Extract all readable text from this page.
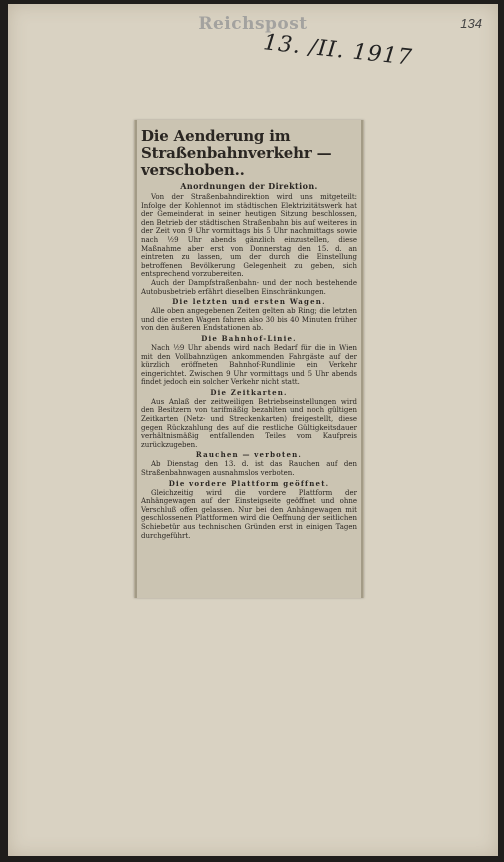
Reichspost	134
13. /II. 1917
Die Aenderung im Straßenbahnverkehr — verschoben..
Anordnungen der Direktion.

Von der Straßenbahndirektion wird uns mitgeteilt: Infolge der Kohlennot im städtischen Elektrizitätswerk hat der Gemeinderat in seiner heutigen Sitzung beschlossen, den Betrieb der städtischen Straßenbahn bis auf weiteres in der Zeit von 9 Uhr vormittags bis 5 Uhr nachmittags sowie nach ½9 Uhr abends gänzlich einzustellen, diese Maßnahme aber erst von Donnerstag den 15. d. an eintreten zu lassen, um der durch die Einstellung betroffenen Bevölkerung Gelegenheit zu geben, sich entsprechend vorzubereiten.

Auch der Dampfstraßenbahn- und der noch bestehende Autobusbetrieb erfährt dieselben Einschränkungen.

Die letzten und ersten Wagen.

Alle oben angegebenen Zeiten gelten ab Ring; die letzten und die ersten Wagen fahren also 30 bis 40 Minuten früher von den äußeren Endstationen ab.

Die Bahnhof-Linie.

Nach ½9 Uhr abends wird nach Bedarf für die in Wien mit den Vollbahnzügen ankommenden Fahrgäste auf der kürzlich eröffneten Bahnhof-Rundlinie ein Verkehr eingerichtet. Zwischen 9 Uhr vormittags und 5 Uhr abends findet jedoch ein solcher Verkehr nicht statt.

Die Zeitkarten.

Aus Anlaß der zeitweiligen Betriebseinstellungen wird den Besitzern von tarifmäßig bezahlten und noch gültigen Zeitkarten (Netz- und Streckenkarten) freigestellt, diese gegen Rückzahlung des auf die restliche Gültigkeitsdauer verhältnismäßig entfallenden Teiles vom Kaufpreis zurückzugeben.

Rauchen — verboten.

Ab Dienstag den 13. d. ist das Rauchen auf den Straßenbahnwagen ausnahmslos verboten.

Die vordere Plattform geöffnet.

Gleichzeitig wird die vordere Plattform der Anhängewagen auf der Einsteigseite geöffnet und ohne Verschluß offen gelassen. Nur bei den Anhängewagen mit geschlossenen Plattformen wird die Oeffnung der seitlichen Schiebetür aus technischen Gründen erst in einigen Tagen durchgeführt.
